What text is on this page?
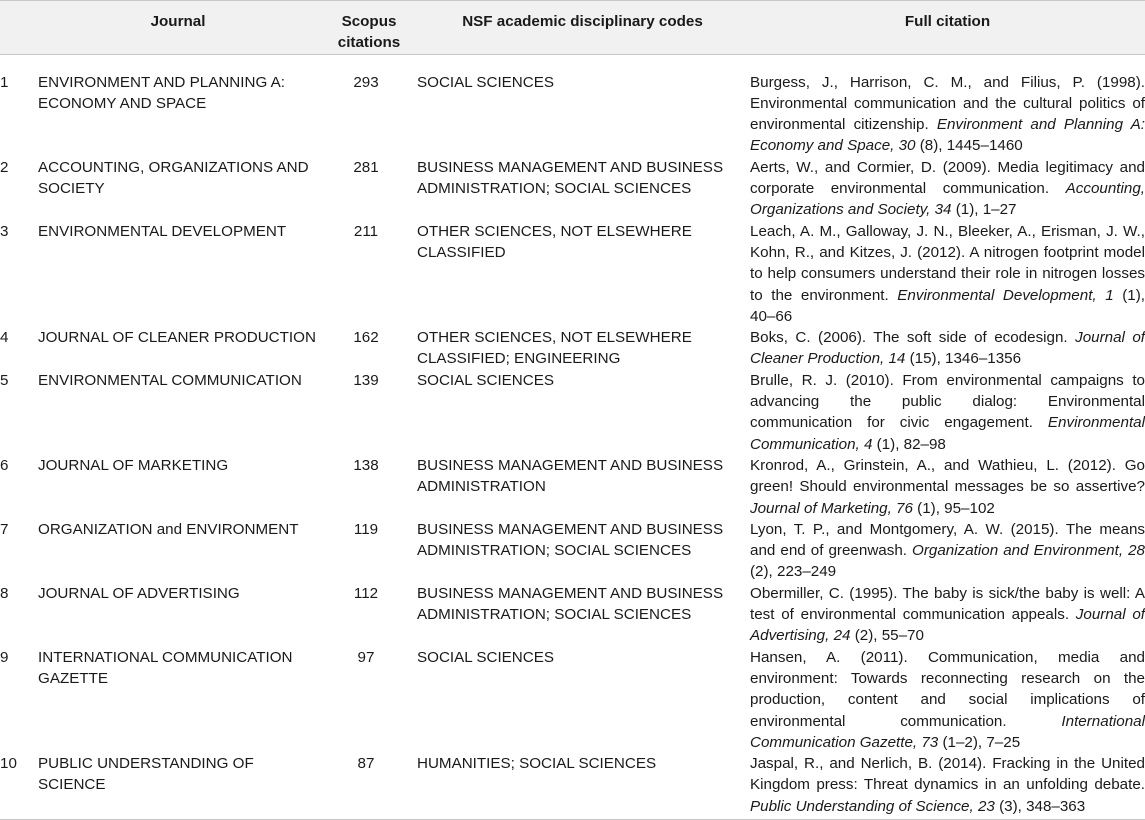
	Journal	Scopus citations	NSF academic disciplinary codes	Full citation
1	ENVIRONMENT AND PLANNING A: ECONOMY AND SPACE	293	SOCIAL SCIENCES	Burgess, J., Harrison, C. M., and Filius, P. (1998). Environmental communication and the cultural politics of environmental citizenship. Environment and Planning A: Economy and Space, 30 (8), 1445–1460
2	ACCOUNTING, ORGANIZATIONS AND SOCIETY	281	BUSINESS MANAGEMENT AND BUSINESS ADMINISTRATION; SOCIAL SCIENCES	Aerts, W., and Cormier, D. (2009). Media legitimacy and corporate environmental communication. Accounting, Organizations and Society, 34 (1), 1–27
3	ENVIRONMENTAL DEVELOPMENT	211	OTHER SCIENCES, NOT ELSEWHERE CLASSIFIED	Leach, A. M., Galloway, J. N., Bleeker, A., Erisman, J. W., Kohn, R., and Kitzes, J. (2012). A nitrogen footprint model to help consumers understand their role in nitrogen losses to the environment. Environmental Development, 1 (1), 40–66
4	JOURNAL OF CLEANER PRODUCTION	162	OTHER SCIENCES, NOT ELSEWHERE CLASSIFIED; ENGINEERING	Boks, C. (2006). The soft side of ecodesign. Journal of Cleaner Production, 14 (15), 1346–1356
5	ENVIRONMENTAL COMMUNICATION	139	SOCIAL SCIENCES	Brulle, R. J. (2010). From environmental campaigns to advancing the public dialog: Environmental communication for civic engagement. Environmental Communication, 4 (1), 82–98
6	JOURNAL OF MARKETING	138	BUSINESS MANAGEMENT AND BUSINESS ADMINISTRATION	Kronrod, A., Grinstein, A., and Wathieu, L. (2012). Go green! Should environmental messages be so assertive? Journal of Marketing, 76 (1), 95–102
7	ORGANIZATION and ENVIRONMENT	119	BUSINESS MANAGEMENT AND BUSINESS ADMINISTRATION; SOCIAL SCIENCES	Lyon, T. P., and Montgomery, A. W. (2015). The means and end of greenwash. Organization and Environment, 28 (2), 223–249
8	JOURNAL OF ADVERTISING	112	BUSINESS MANAGEMENT AND BUSINESS ADMINISTRATION; SOCIAL SCIENCES	Obermiller, C. (1995). The baby is sick/the baby is well: A test of environmental communication appeals. Journal of Advertising, 24 (2), 55–70
9	INTERNATIONAL COMMUNICATION GAZETTE	97	SOCIAL SCIENCES	Hansen, A. (2011). Communication, media and environment: Towards reconnecting research on the production, content and social implications of environmental communication. International Communication Gazette, 73 (1–2), 7–25
10	PUBLIC UNDERSTANDING OF SCIENCE	87	HUMANITIES; SOCIAL SCIENCES	Jaspal, R., and Nerlich, B. (2014). Fracking in the United Kingdom press: Threat dynamics in an unfolding debate. Public Understanding of Science, 23 (3), 348–363
